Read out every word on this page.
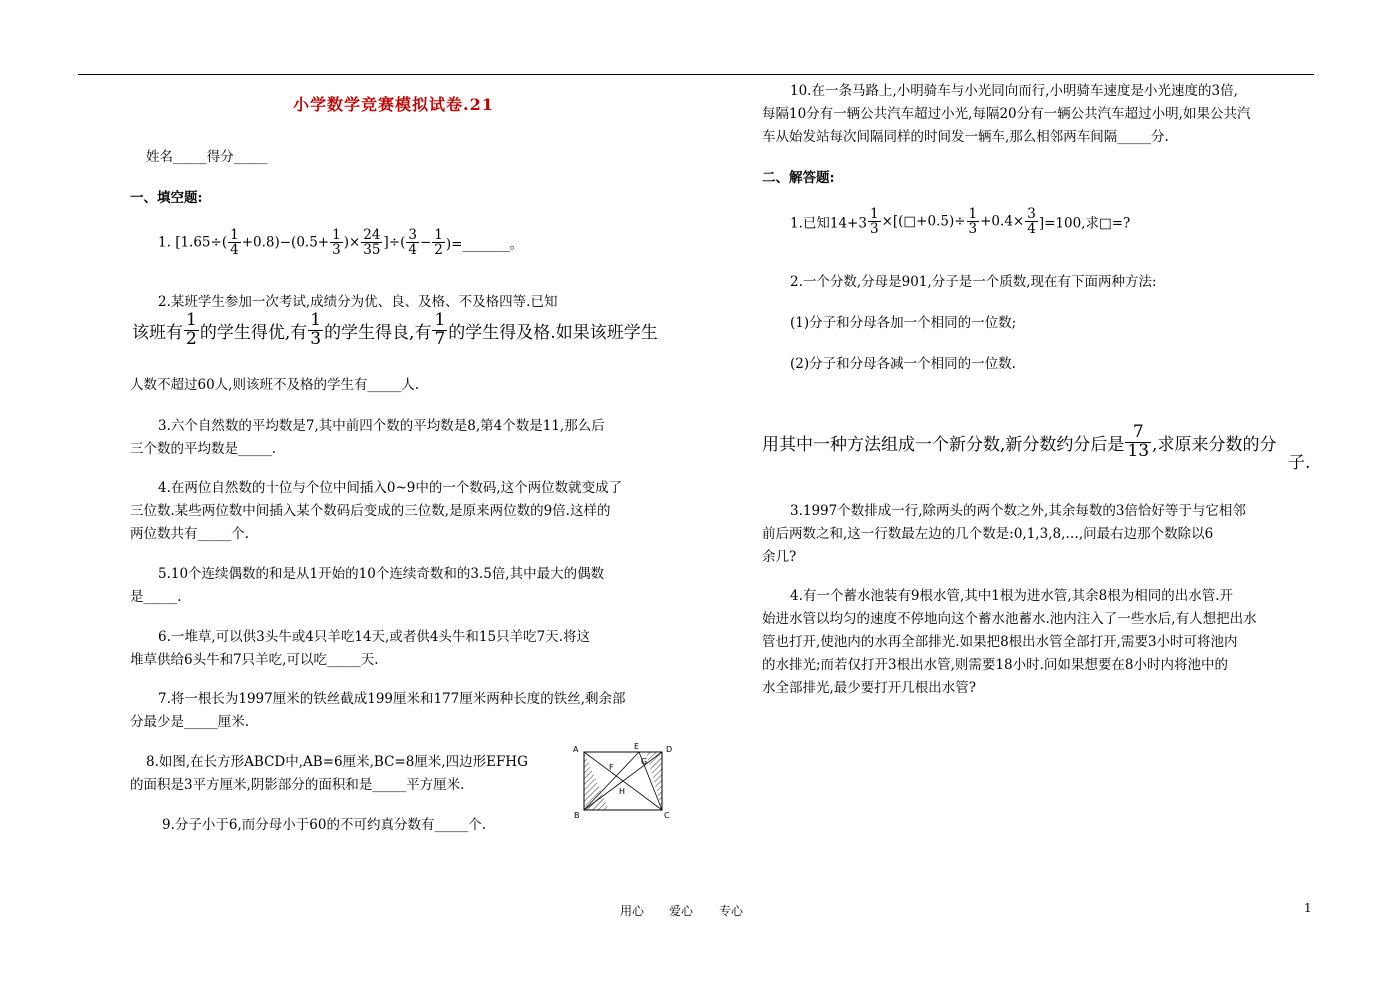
小学数学竞赛模拟试卷.21
姓名_____得分_____
一、填空题:
1. [$1.65\div( \frac{1}{4} +0.8)-(0.5+ \frac{1}{3}$ )× $\frac{24}{35}$ ]÷( $\frac{3}{4} - \frac{1}{2}$ )=_______。
2.某班学生参加一次考试,成绩分为优、良、及格、不及格四等.已知
该班有 $\frac{1}{2}$ 的学生得优,有 $\frac{1}{3}$ 的学生得良,有 $\frac{1}{7}$ 的学生得及格.如果该班学生
人数不超过60人,则该班不及格的学生有_____人.
3.六个自然数的平均数是7,其中前四个数的平均数是8,第4个数是11,那么后
三个数的平均数是_____.
4.在两位自然数的十位与个位中间插入0~9中的一个数码,这个两位数就变成了
三位数.某些两位数中间插入某个数码后变成的三位数,是原来两位数的9倍.这样的
两位数共有_____个.
5.10个连续偶数的和是从1开始的10个连续奇数和的3.5倍,其中最大的偶数
是_____.
6.一堆草,可以供3头牛或4只羊吃14天,或者供4头牛和15只羊吃7天.将这
堆草供给6头牛和7只羊吃,可以吃_____天.
7.将一根长为1997厘米的铁丝截成199厘米和177厘米两种长度的铁丝,剩余部
分最少是_____厘米.
8.如图,在长方形ABCD中,AB=6厘米,BC=8厘米,四边形EFHG
的面积是3平方厘米,阴影部分的面积和是_____平方厘米.
9.分子小于6,而分母小于60的不可约真分数有_____个.
A
B	C
D
E
F
G
H
10.在一条马路上,小明骑车与小光同向而行,小明骑车速度是小光速度的3倍,
每隔10分有一辆公共汽车超过小光,每隔20分有一辆公共汽车超过小明,如果公共汽
车从始发站每次间隔同样的时间发一辆车,那么相邻两车间隔_____分.
二、解答题:
1.已知$14+3 \frac{1}{3}$ ×[(□+0.5)÷ $\frac{1}{3} +0.4\times \frac{3}{4} ]=100$,求□=?
2.一个分数,分母是901,分子是一个质数,现在有下面两种方法:
(1)分子和分母各加一个相同的一位数;
(2)分子和分母各减一个相同的一位数.
用其中一种方法组成一个新分数,新分数约分后是 $\frac{7}{13}$ ,求原来分数的分
子.
3.1997个数排成一行,除两头的两个数之外,其余每数的3倍恰好等于与它相邻
前后两数之和,这一行数最左边的几个数是:0,1,3,8,…,问最右边那个数除以6
余几?
4.有一个蓄水池装有9根水管,其中1根为进水管,其余8根为相同的出水管.开
始进水管以均匀的速度不停地向这个蓄水池蓄水.池内注入了一些水后,有人想把出水
管也打开,使池内的水再全部排光.如果把8根出水管全部打开,需要3小时可将池内
的水排光;而若仅打开3根出水管,则需要18小时.问如果想要在8小时内将池中的
水全部排光,最少要打开几根出水管?
用心 爱心 专心	1
